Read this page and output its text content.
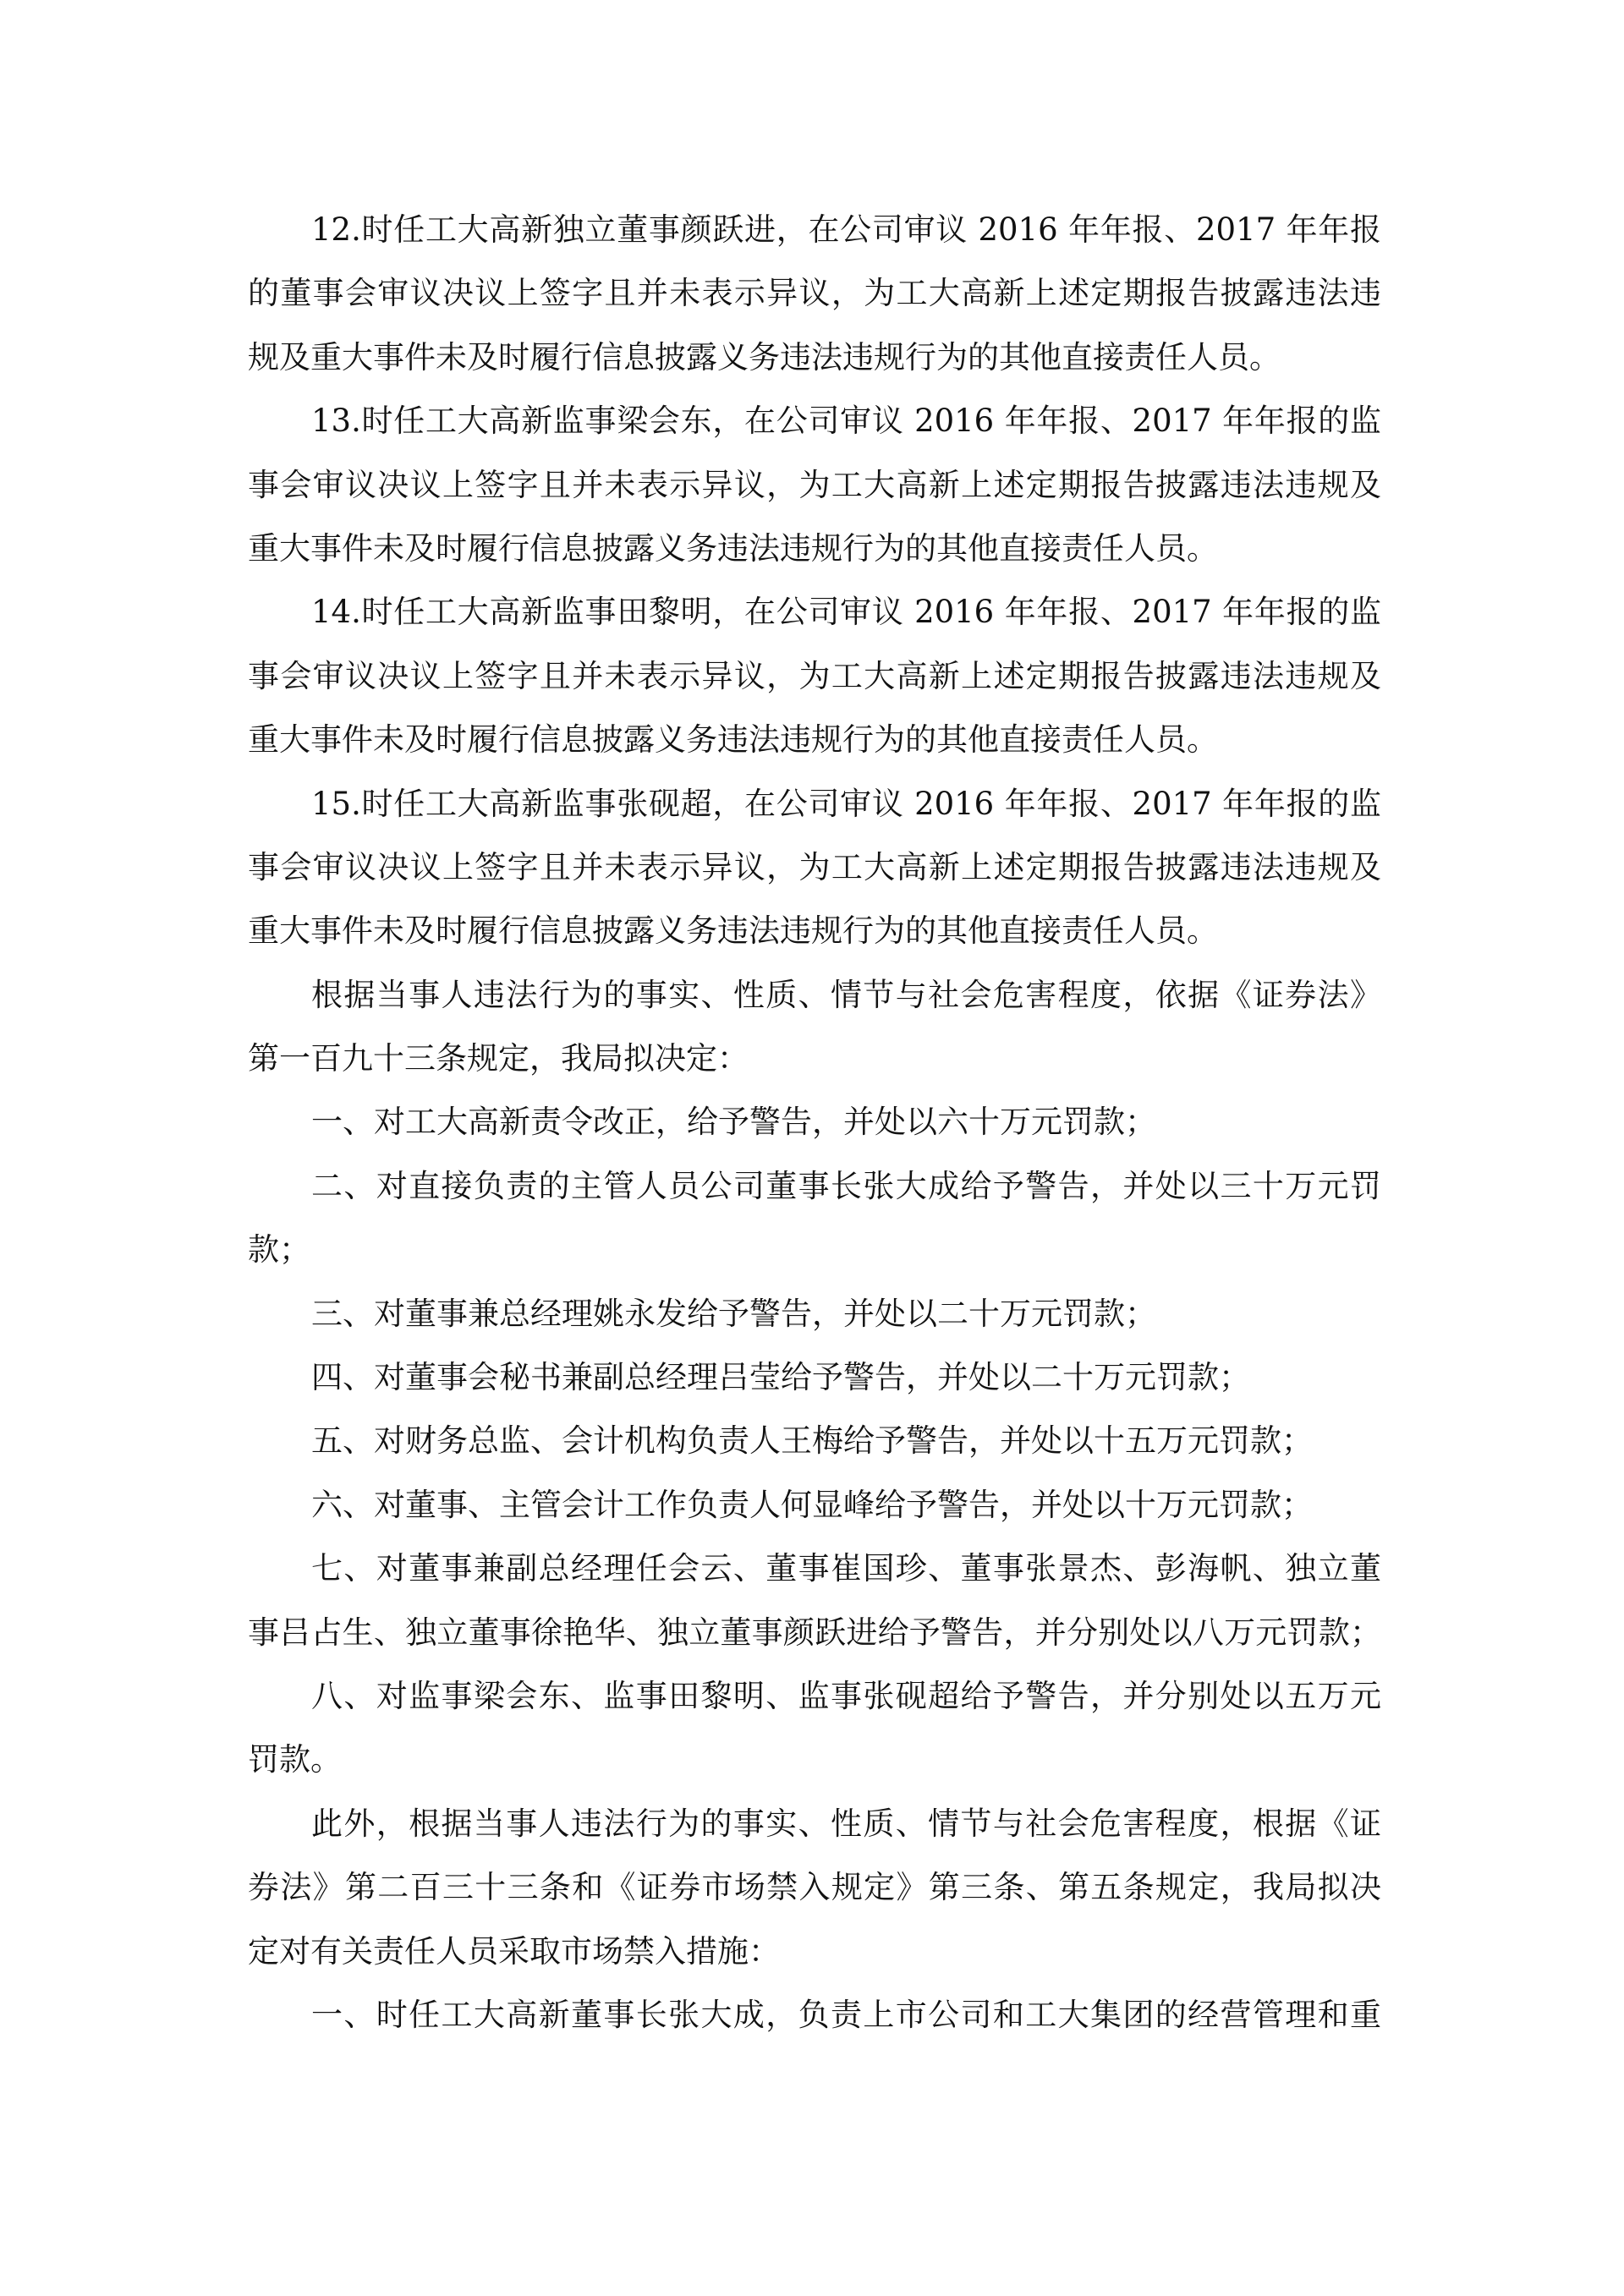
12.时任工大高新独立董事颜跃进，在公司审议 2016 年年报、2017 年年报
的董事会审议决议上签字且并未表示异议，为工大高新上述定期报告披露违法违
规及重大事件未及时履行信息披露义务违法违规行为的其他直接责任人员。
13.时任工大高新监事梁会东，在公司审议 2016 年年报、2017 年年报的监
事会审议决议上签字且并未表示异议，为工大高新上述定期报告披露违法违规及
重大事件未及时履行信息披露义务违法违规行为的其他直接责任人员。
14.时任工大高新监事田黎明，在公司审议 2016 年年报、2017 年年报的监
事会审议决议上签字且并未表示异议，为工大高新上述定期报告披露违法违规及
重大事件未及时履行信息披露义务违法违规行为的其他直接责任人员。
15.时任工大高新监事张砚超，在公司审议 2016 年年报、2017 年年报的监
事会审议决议上签字且并未表示异议，为工大高新上述定期报告披露违法违规及
重大事件未及时履行信息披露义务违法违规行为的其他直接责任人员。
根据当事人违法行为的事实、性质、情节与社会危害程度，依据《证券法》
第一百九十三条规定，我局拟决定：
一、对工大高新责令改正，给予警告，并处以六十万元罚款；
二、对直接负责的主管人员公司董事长张大成给予警告，并处以三十万元罚
款；
三、对董事兼总经理姚永发给予警告，并处以二十万元罚款；
四、对董事会秘书兼副总经理吕莹给予警告，并处以二十万元罚款；
五、对财务总监、会计机构负责人王梅给予警告，并处以十五万元罚款；
六、对董事、主管会计工作负责人何显峰给予警告，并处以十万元罚款；
七、对董事兼副总经理任会云、董事崔国珍、董事张景杰、彭海帆、独立董
事吕占生、独立董事徐艳华、独立董事颜跃进给予警告，并分别处以八万元罚款；
八、对监事梁会东、监事田黎明、监事张砚超给予警告，并分别处以五万元
罚款。
此外，根据当事人违法行为的事实、性质、情节与社会危害程度，根据《证
券法》第二百三十三条和《证券市场禁入规定》第三条、第五条规定，我局拟决
定对有关责任人员采取市场禁入措施：
一、时任工大高新董事长张大成，负责上市公司和工大集团的经营管理和重
